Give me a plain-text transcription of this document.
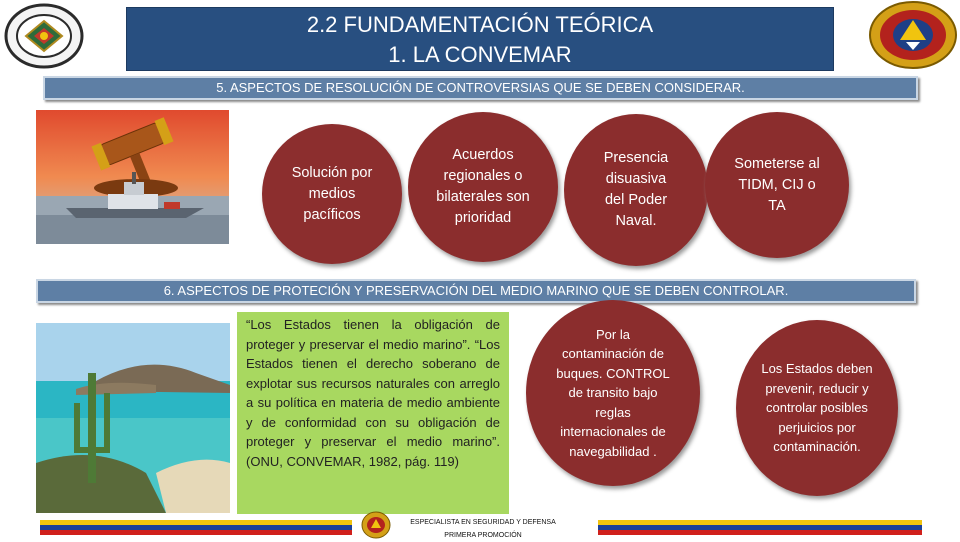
2.2 FUNDAMENTACIÓN TEÓRICA
1. LA CONVEMAR
5. ASPECTOS DE RESOLUCIÓN DE CONTROVERSIAS QUE SE DEBEN CONSIDERAR.
Solución por medios pacíficos
Acuerdos regionales o bilaterales son prioridad
Presencia disuasiva del Poder Naval.
Someterse al TIDM, CIJ o TA
6. ASPECTOS DE PROTECIÓN Y PRESERVACIÓN DEL MEDIO MARINO QUE SE DEBEN CONTROLAR.
“Los Estados tienen la obligación de proteger y preservar el medio marino”. “Los Estados tienen el derecho soberano de explotar sus recursos naturales con arreglo a su política en materia de medio ambiente y de conformidad con su obligación de proteger y preservar el medio marino”. (ONU, CONVEMAR, 1982, pág. 119)
Por la contaminación de buques. CONTROL de transito bajo reglas internacionales de navegabilidad .
Los Estados deben prevenir, reducir y controlar posibles perjuicios por contaminación.
ESPECIALISTA EN SEGURIDAD Y DEFENSA
PRIMERA PROMOCIÓN
